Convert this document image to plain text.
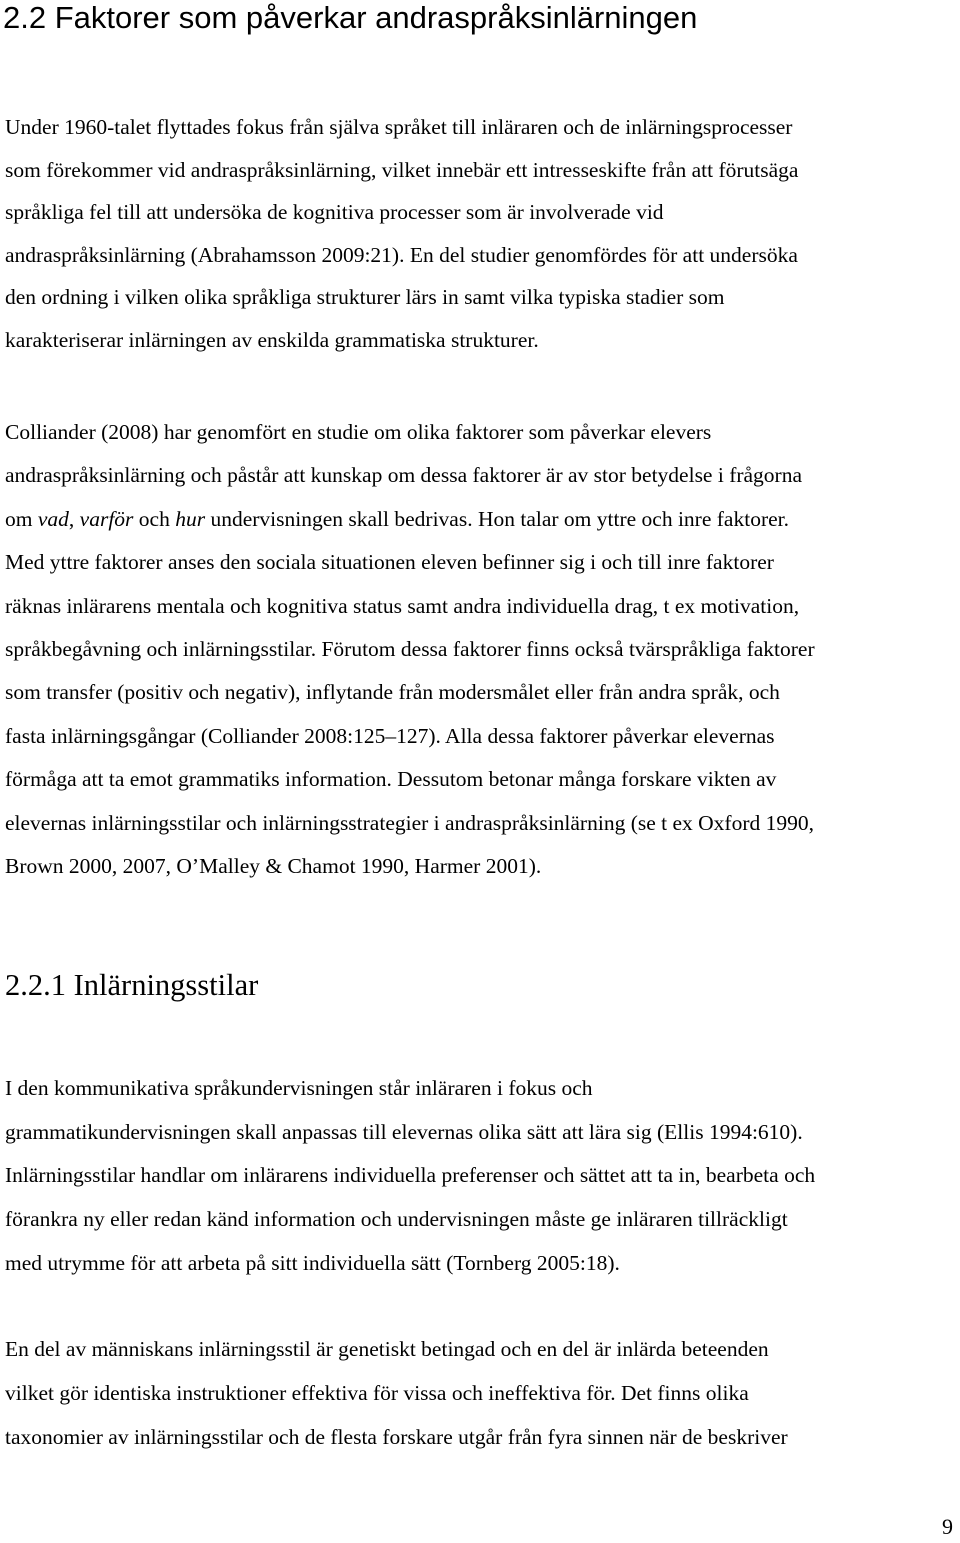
2.2 Faktorer som påverkar andraspråksinlärningen

Under 1960-talet flyttades fokus från själva språket till inläraren och de inlärningsprocesser
som förekommer vid andraspråksinlärning, vilket innebär ett intresseskifte från att förutsäga
språkliga fel till att undersöka de kognitiva processer som är involverade vid
andraspråksinlärning (Abrahamsson 2009:21). En del studier genomfördes för att undersöka
den ordning i vilken olika språkliga strukturer lärs in samt vilka typiska stadier som
karakteriserar inlärningen av enskilda grammatiska strukturer.

Colliander (2008) har genomfört en studie om olika faktorer som påverkar elevers
andraspråksinlärning och påstår att kunskap om dessa faktorer är av stor betydelse i frågorna
om vad, varför och hur undervisningen skall bedrivas. Hon talar om yttre och inre faktorer.
Med yttre faktorer anses den sociala situationen eleven befinner sig i och till inre faktorer
räknas inlärarens mentala och kognitiva status samt andra individuella drag, t ex motivation,
språkbegåvning och inlärningsstilar. Förutom dessa faktorer finns också tvärspråkliga faktorer
som transfer (positiv och negativ), inflytande från modersmålet eller från andra språk, och
fasta inlärningsgångar (Colliander 2008:125–127). Alla dessa faktorer påverkar elevernas
förmåga att ta emot grammatiks information. Dessutom betonar många forskare vikten av
elevernas inlärningsstilar och inlärningsstrategier i andraspråksinlärning (se t ex Oxford 1990,
Brown 2000, 2007, O’Malley & Chamot 1990, Harmer 2001).

2.2.1 Inlärningsstilar

I den kommunikativa språkundervisningen står inläraren i fokus och
grammatikundervisningen skall anpassas till elevernas olika sätt att lära sig (Ellis 1994:610).
Inlärningsstilar handlar om inlärarens individuella preferenser och sättet att ta in, bearbeta och
förankra ny eller redan känd information och undervisningen måste ge inläraren tillräckligt
med utrymme för att arbeta på sitt individuella sätt (Tornberg 2005:18).

En del av människans inlärningsstil är genetiskt betingad och en del är inlärda beteenden
vilket gör identiska instruktioner effektiva för vissa och ineffektiva för. Det finns olika
taxonomier av inlärningsstilar och de flesta forskare utgår från fyra sinnen när de beskriver

9
